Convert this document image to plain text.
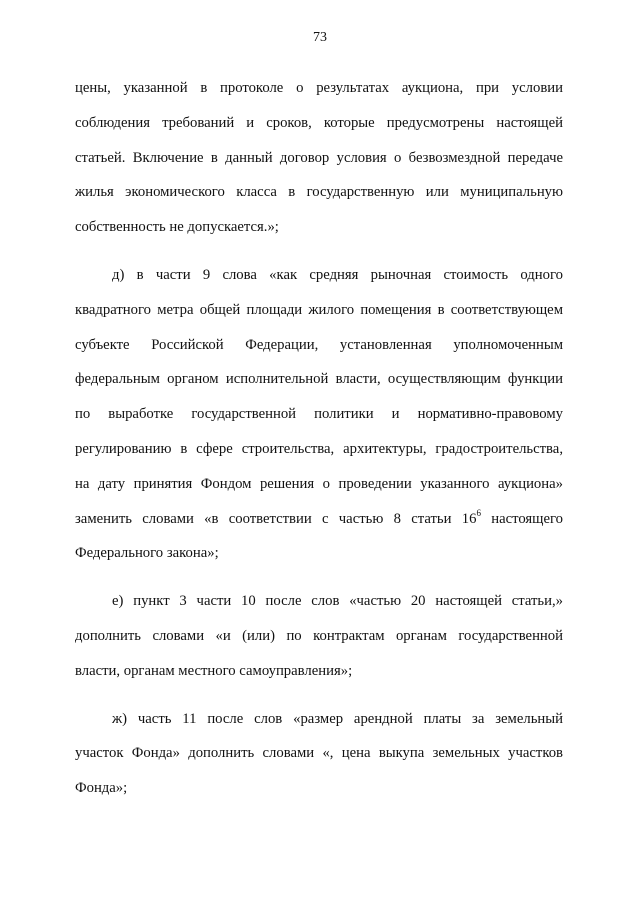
73

цены, указанной в протоколе о результатах аукциона, при условии
соблюдения требований и сроков, которые предусмотрены настоящей
статьей. Включение в данный договор условия о безвозмездной передаче
жилья экономического класса в государственную или муниципальную
собственность не допускается.»;

д) в части 9 слова «как средняя рыночная стоимость одного
квадратного метра общей площади жилого помещения в соответствующем
субъекте Российской Федерации, установленная уполномоченным
федеральным органом исполнительной власти, осуществляющим функции
по выработке государственной политики и нормативно-правовому
регулированию в сфере строительства, архитектуры, градостроительства,
на дату принятия Фондом решения о проведении указанного аукциона»
заменить словами «в соответствии с частью 8 статьи $16^6$ настоящего
Федерального закона»;

е) пункт 3 части 10 после слов «частью 20 настоящей статьи,»
дополнить словами «и (или) по контрактам органам государственной
власти, органам местного самоуправления»;

ж) часть 11 после слов «размер арендной платы за земельный
участок Фонда» дополнить словами «, цена выкупа земельных участков
Фонда»;
